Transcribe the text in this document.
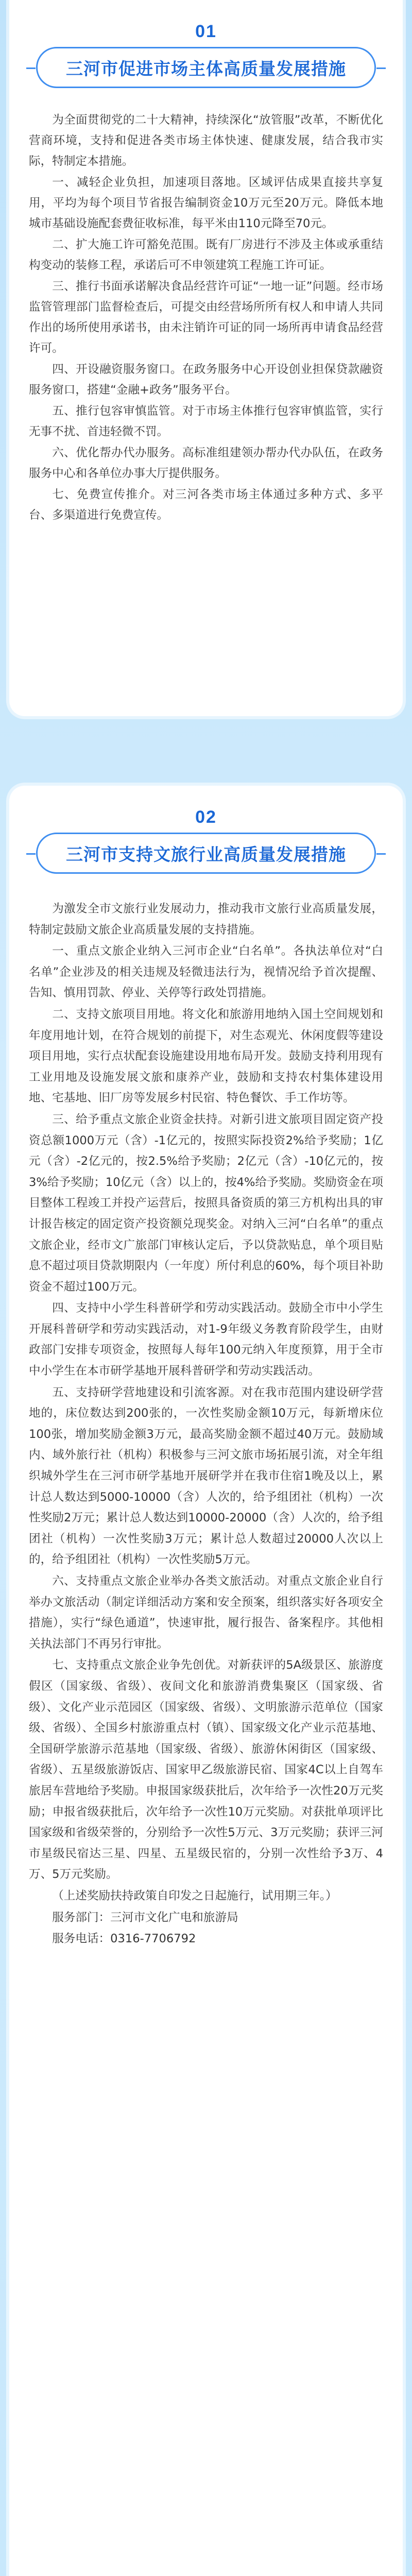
01
三河市促进市场主体高质量发展措施

为全面贯彻党的二十大精神，持续深化“放管服”改革，不断优化营商环境，支持和促进各类市场主体快速、健康发展，结合我市实际，特制定本措施。

一、减轻企业负担，加速项目落地。区域评估成果直接共享复用，平均为每个项目节省报告编制资金10万元至20万元。降低本地城市基础设施配套费征收标准，每平米由110元降至70元。

二、扩大施工许可豁免范围。既有厂房进行不涉及主体或承重结构变动的装修工程，承诺后可不申领建筑工程施工许可证。

三、推行书面承诺解决食品经营许可证“一地一证”问题。经市场监管管理部门监督检查后，可提交由经营场所所有权人和申请人共同作出的场所使用承诺书，由未注销许可证的同一场所再申请食品经营许可。

四、开设融资服务窗口。在政务服务中心开设创业担保贷款融资服务窗口，搭建“金融+政务”服务平台。

五、推行包容审慎监管。对于市场主体推行包容审慎监管，实行无事不扰、首违轻微不罚。

六、优化帮办代办服务。高标准组建领办帮办代办队伍，在政务服务中心和各单位办事大厅提供服务。

七、免费宣传推介。对三河各类市场主体通过多种方式、多平台、多渠道进行免费宣传。

02
三河市支持文旅行业高质量发展措施

为激发全市文旅行业发展动力，推动我市文旅行业高质量发展，特制定鼓励文旅企业高质量发展的支持措施。

一、重点文旅企业纳入三河市企业“白名单”。各执法单位对“白名单”企业涉及的相关违规及轻微违法行为，视情况给予首次提醒、告知、慎用罚款、停业、关停等行政处罚措施。

二、支持文旅项目用地。将文化和旅游用地纳入国土空间规划和年度用地计划，在符合规划的前提下，对生态观光、休闲度假等建设项目用地，实行点状配套设施建设用地布局开发。鼓励支持利用现有工业用地及设施发展文旅和康养产业，鼓励和支持农村集体建设用地、宅基地、旧厂房等发展乡村民宿、特色餐饮、手工作坊等。

三、给予重点文旅企业资金扶持。对新引进文旅项目固定资产投资总额1000万元（含）-1亿元的，按照实际投资2%给予奖励；1亿元（含）-2亿元的，按2.5%给予奖励；2亿元（含）-10亿元的，按3%给予奖励；10亿元（含）以上的，按4%给予奖励。奖励资金在项目整体工程竣工并投产运营后，按照具备资质的第三方机构出具的审计报告核定的固定资产投资额兑现奖金。对纳入三河“白名单”的重点文旅企业，经市文广旅部门审核认定后，予以贷款贴息，单个项目贴息不超过项目贷款期限内（一年度）所付利息的60%，每个项目补助资金不超过100万元。

四、支持中小学生科普研学和劳动实践活动。鼓励全市中小学生开展科普研学和劳动实践活动，对1-9年级义务教育阶段学生，由财政部门安排专项资金，按照每人每年100元纳入年度预算，用于全市中小学生在本市研学基地开展科普研学和劳动实践活动。

五、支持研学营地建设和引流客源。对在我市范围内建设研学营地的，床位数达到200张的，一次性奖励金额10万元，每新增床位100张，增加奖励金额3万元，最高奖励金额不超过40万元。鼓励域内、域外旅行社（机构）积极参与三河文旅市场拓展引流，对全年组织城外学生在三河市研学基地开展研学并在我市住宿1晚及以上，累计总人数达到5000-10000（含）人次的，给予组团社（机构）一次性奖励2万元；累计总人数达到10000-20000（含）人次的，给予组团社（机构）一次性奖励3万元；累计总人数超过20000人次以上的，给予组团社（机构）一次性奖励5万元。

六、支持重点文旅企业举办各类文旅活动。对重点文旅企业自行举办文旅活动（制定详细活动方案和安全预案，组织落实好各项安全措施），实行“绿色通道”，快速审批，履行报告、备案程序。其他相关执法部门不再另行审批。

七、支持重点文旅企业争先创优。对新获评的5A级景区、旅游度假区（国家级、省级）、夜间文化和旅游消费集聚区（国家级、省级）、文化产业示范园区（国家级、省级）、文明旅游示范单位（国家级、省级）、全国乡村旅游重点村（镇）、国家级文化产业示范基地、全国研学旅游示范基地（国家级、省级）、旅游休闲街区（国家级、省级）、五星级旅游饭店、国家甲乙级旅游民宿、国家4C以上自驾车旅居车营地给予奖励。申报国家级获批后，次年给予一次性20万元奖励；申报省级获批后，次年给予一次性10万元奖励。对获批单项评比国家级和省级荣誉的，分别给予一次性5万元、3万元奖励；获评三河市星级民宿达三星、四星、五星级民宿的，分别一次性给予3万、4万、5万元奖励。

（上述奖励扶持政策自印发之日起施行，试用期三年。）

服务部门：三河市文化广电和旅游局

服务电话：0316-7706792
